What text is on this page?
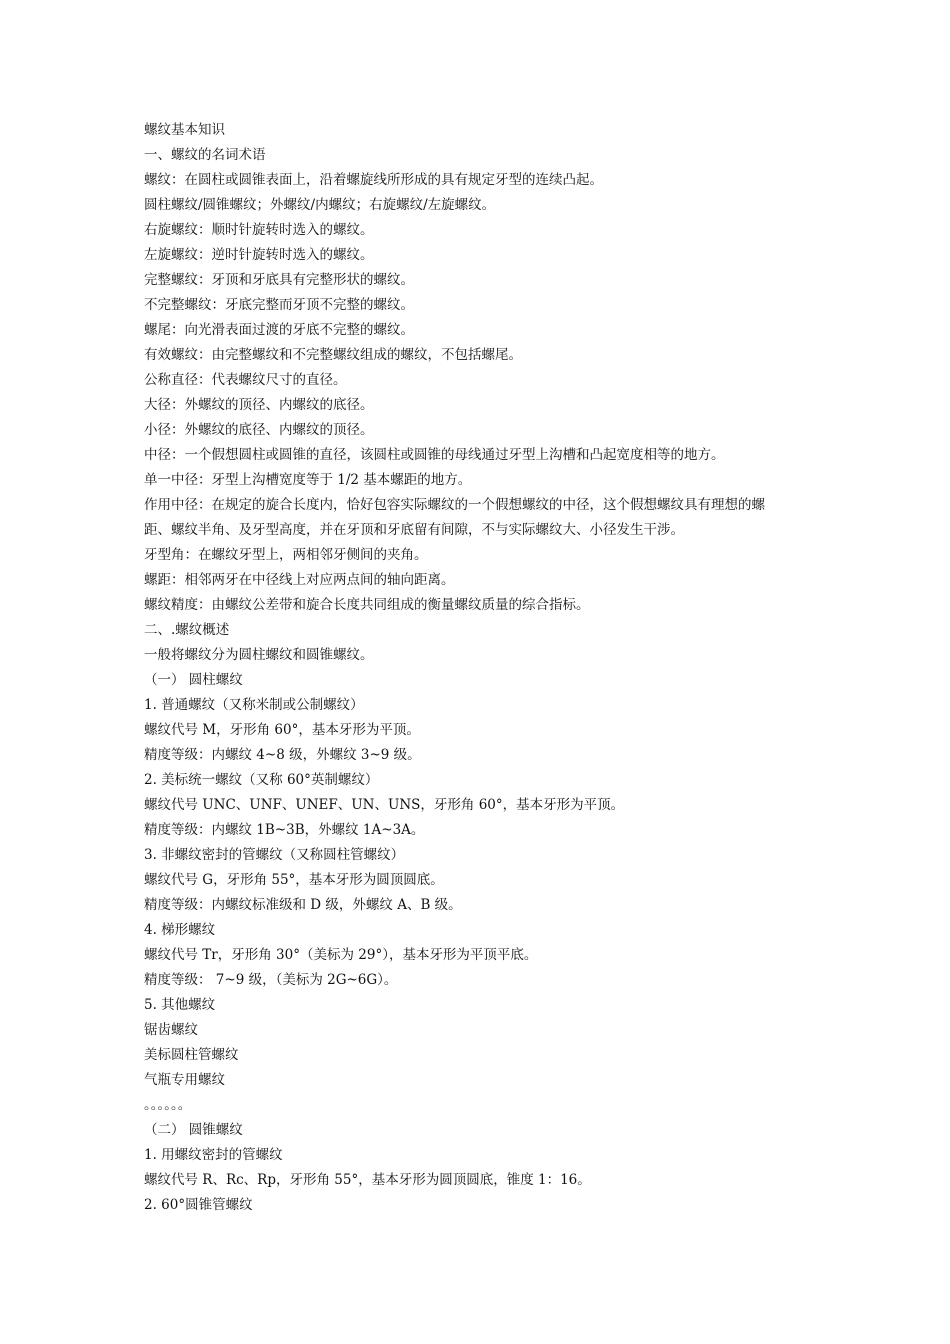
螺纹基本知识
一、螺纹的名词术语
螺纹：在圆柱或圆锥表面上，沿着螺旋线所形成的具有规定牙型的连续凸起。
圆柱螺纹/圆锥螺纹；外螺纹/内螺纹；右旋螺纹/左旋螺纹。
右旋螺纹：顺时针旋转时选入的螺纹。
左旋螺纹：逆时针旋转时选入的螺纹。
完整螺纹：牙顶和牙底具有完整形状的螺纹。
不完整螺纹：牙底完整而牙顶不完整的螺纹。
螺尾：向光滑表面过渡的牙底不完整的螺纹。
有效螺纹：由完整螺纹和不完整螺纹组成的螺纹，不包括螺尾。
公称直径：代表螺纹尺寸的直径。
大径：外螺纹的顶径、内螺纹的底径。
小径：外螺纹的底径、内螺纹的顶径。
中径：一个假想圆柱或圆锥的直径，该圆柱或圆锥的母线通过牙型上沟槽和凸起宽度相等的地方。
单一中径：牙型上沟槽宽度等于 1/2 基本螺距的地方。
作用中径：在规定的旋合长度内，恰好包容实际螺纹的一个假想螺纹的中径，这个假想螺纹具有理想的螺
距、螺纹半角、及牙型高度，并在牙顶和牙底留有间隙，不与实际螺纹大、小径发生干涉。
牙型角：在螺纹牙型上，两相邻牙侧间的夹角。
螺距：相邻两牙在中径线上对应两点间的轴向距离。
螺纹精度：由螺纹公差带和旋合长度共同组成的衡量螺纹质量的综合指标。
二、.螺纹概述
一般将螺纹分为圆柱螺纹和圆锥螺纹。
（一） 圆柱螺纹
1. 普通螺纹（又称米制或公制螺纹）
螺纹代号 M，牙形角 60°，基本牙形为平顶。
精度等级：内螺纹 4~8 级，外螺纹 3~9 级。
2. 美标统一螺纹（又称 60°英制螺纹）
螺纹代号 UNC、UNF、UNEF、UN、UNS，牙形角 60°，基本牙形为平顶。
精度等级：内螺纹 1B~3B，外螺纹 1A~3A。
3. 非螺纹密封的管螺纹（又称圆柱管螺纹）
螺纹代号 G，牙形角 55°，基本牙形为圆顶圆底。
精度等级：内螺纹标准级和 D 级，外螺纹 A、B 级。
4. 梯形螺纹
螺纹代号 Tr，牙形角 30°（美标为 29°），基本牙形为平顶平底。
精度等级： 7~9 级，（美标为 2G~6G）。
5. 其他螺纹
锯齿螺纹
美标圆柱管螺纹
气瓶专用螺纹
。。。。。。
（二） 圆锥螺纹
1. 用螺纹密封的管螺纹
螺纹代号 R、Rc、Rp，牙形角 55°，基本牙形为圆顶圆底，锥度 1：16。
2. 60°圆锥管螺纹
